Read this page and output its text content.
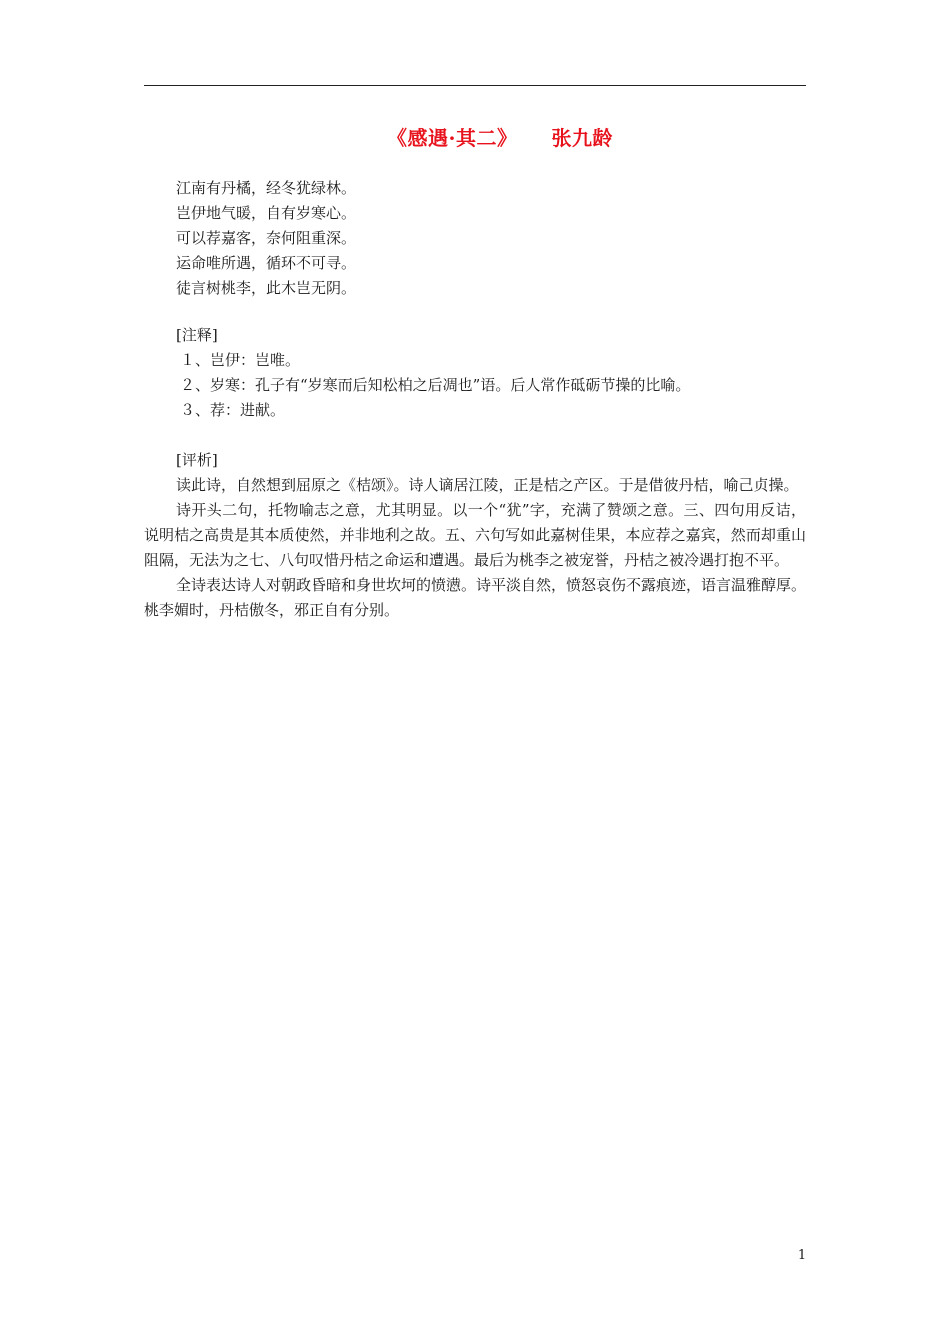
《感遇·其二》 张九龄
江南有丹橘，经冬犹绿林。
岂伊地气暖，自有岁寒心。
可以荐嘉客，奈何阻重深。
运命唯所遇，循环不可寻。
徒言树桃李，此木岂无阴。
[注释]
１、岂伊：岂唯。
２、岁寒：孔子有“岁寒而后知松柏之后凋也”语。后人常作砥砺节操的比喻。
３、荐：进献。
[评析]

读此诗，自然想到屈原之《桔颂》。诗人谪居江陵，正是桔之产区。于是借彼丹桔，喻己贞操。

诗开头二句，托物喻志之意，尤其明显。以一个“犹”字，充满了赞颂之意。三、四句用反诘，说明桔之高贵是其本质使然，并非地利之故。五、六句写如此嘉树佳果，本应荐之嘉宾，然而却重山阻隔，无法为之七、八句叹惜丹桔之命运和遭遇。最后为桃李之被宠誉，丹桔之被冷遇打抱不平。

全诗表达诗人对朝政昏暗和身世坎坷的愤懑。诗平淡自然，愤怒哀伤不露痕迹，语言温雅醇厚。桃李媚时，丹桔傲冬，邪正自有分别。

1
